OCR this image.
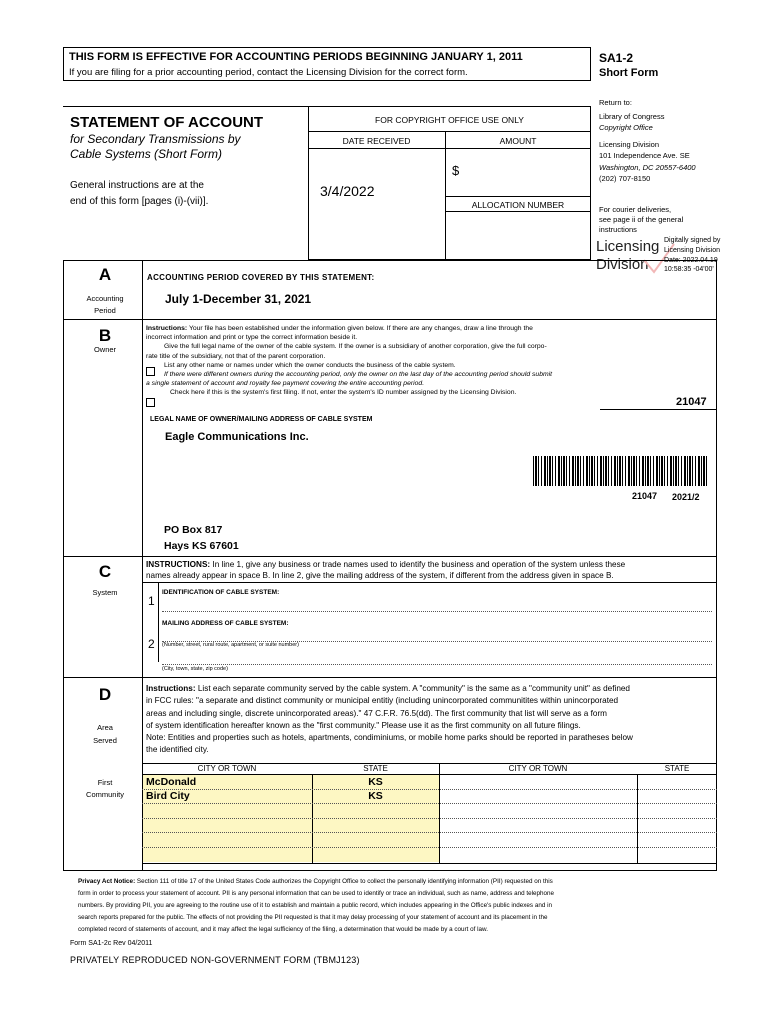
THIS FORM IS EFFECTIVE FOR ACCOUNTING PERIODS BEGINNING JANUARY 1, 2011
If you are filing for a prior accounting period, contact the Licensing Division for the correct form.
SA1-2
Short Form
STATEMENT OF ACCOUNT
for Secondary Transmissions by
Cable Systems (Short Form)
General instructions are at the
end of this form [pages (i)-(vii)].
FOR COPYRIGHT OFFICE USE ONLY
DATE RECEIVED	AMOUNT
$
3/4/2022
ALLOCATION NUMBER
Return to:
Library of Congress
Copyright Office
Licensing Division
101 Independence Ave. SE
Washington, DC 20557-6400
(202) 707-8150
For courier deliveries,
see page ii of the general
instructions
Licensing
Division
Digitally signed by
Licensing Division
Date: 2022.04.19
10:58:35 -04'00'
A
Accounting
Period
ACCOUNTING PERIOD COVERED BY THIS STATEMENT:
July 1-December 31, 2021
B
Owner
Instructions: Your file has been established under the information given below. If there are any changes, draw a line through the
incorrect information and print or type the correct information beside it.
Give the full legal name of the owner of the cable system. If the owner is a subsidiary of another corporation, give the full corpo-
rate title of the subsidiary, not that of the parent corporation.
List any other name or names under which the owner conducts the business of the cable system.
If there were different owners during the accounting period, only the owner on the last day of the accounting period should submit
a single statement of account and royalty fee payment covering the entire accounting period.
Check here if this is the system's first filing. If not, enter the system's ID number assigned by the Licensing Division.
21047
LEGAL NAME OF OWNER/MAILING ADDRESS OF CABLE SYSTEM
Eagle Communications Inc.
21047 2021/2
PO Box 817
Hays KS 67601
C
System
INSTRUCTIONS: In line 1, give any business or trade names used to identify the business and operation of the system unless these
names already appear in space B. In line 2, give the mailing address of the system, if different from the address given in space B.
1
IDENTIFICATION OF CABLE SYSTEM:
MAILING ADDRESS OF CABLE SYSTEM:
2 (Number, street, rural route, apartment, or suite number)
(City, town, state, zip code)
D
Area
Served
Instructions: List each separate community served by the cable system. A "community" is the same as a "community unit" as defined
in FCC rules: "a separate and distinct community or municipal entitiy (including unincorporated communitites within unincorporated
areas and including single, discrete unincorporated areas)." 47 C.F.R. 76.5(dd). The first community that list will serve as a form
of system identification hereafter known as the "first community." Please use it as the first community on all future filings.
Note: Entities and properties such as hotels, apartments, condiminiums, or mobile home parks should be reported in paratheses below
the identified city.
CITY OR TOWN	STATE	CITY OR TOWN	STATE
First
Community
McDonald	KS
Bird City	KS
Privacy Act Notice: Section 111 of title 17 of the United States Code authorizes the Copyright Office to collect the personally identifying information (PII) requested on this
form in order to process your statement of account. PII is any personal information that can be used to identify or trace an individual, such as name, address and telephone
numbers. By providing PII, you are agreeing to the routine use of it to establish and maintain a public record, which includes appearing in the Office's public indexes and in
search reports prepared for the public. The effects of not providing the PII requested is that it may delay processing of your statement of account and its placement in the
completed record of statements of account, and it may affect the legal sufficiency of the filing, a determination that would be made by a court of law.
Form SA1-2c Rev 04/2011
PRIVATELY REPRODUCED NON-GOVERNMENT FORM (TBMJ123)
